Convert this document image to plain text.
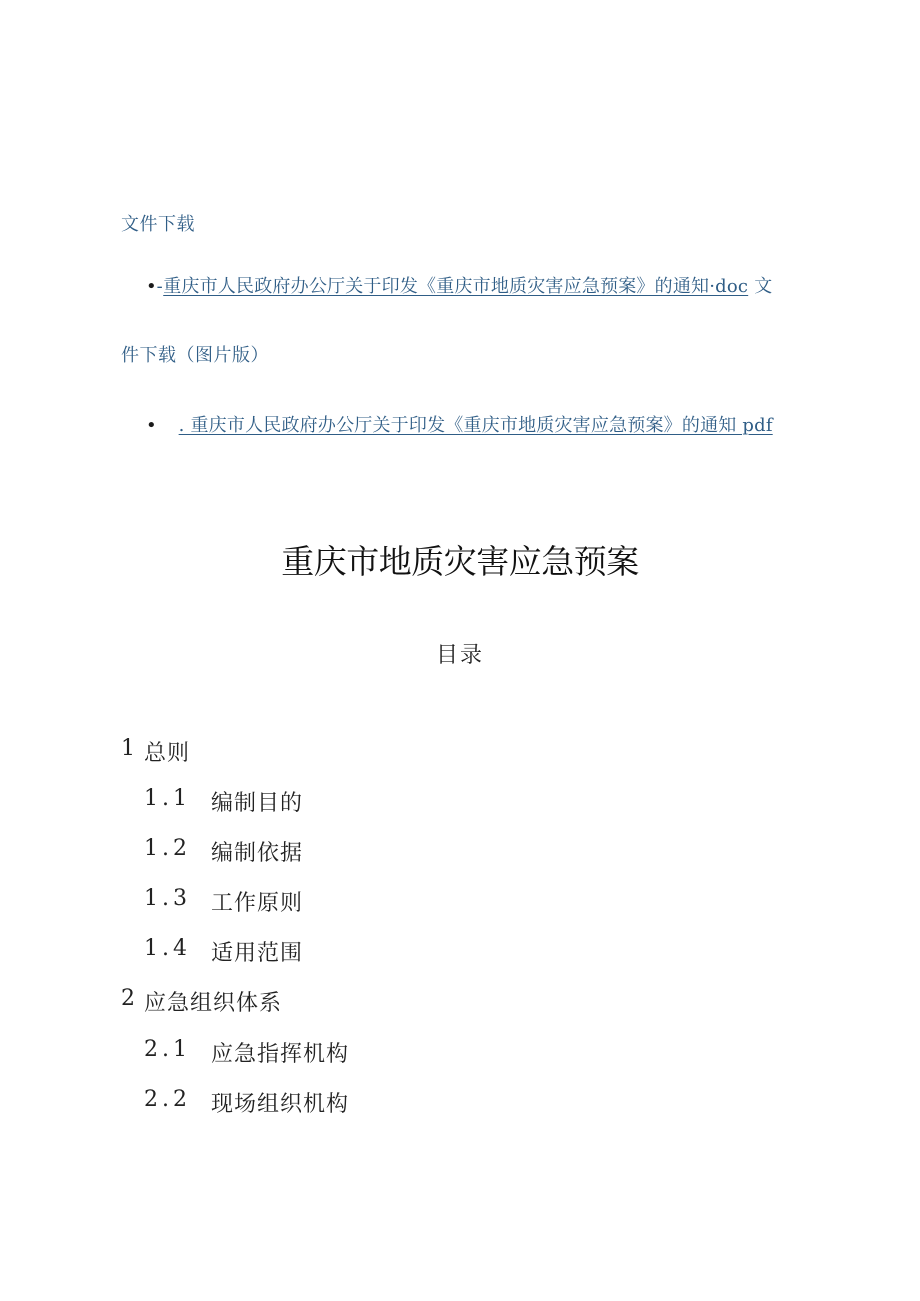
文件下载
•-重庆市人民政府办公厅关于印发《重庆市地质灾害应急预案》的通知·doc 文
件下载（图片版）
• . 重庆市人民政府办公厅关于印发《重庆市地质灾害应急预案》的通知 pdf
重庆市地质灾害应急预案
目录
1 总则
1.1 编制目的
1.2 编制依据
1.3 工作原则
1.4 适用范围
2 应急组织体系
2.1 应急指挥机构
2.2 现场组织机构
